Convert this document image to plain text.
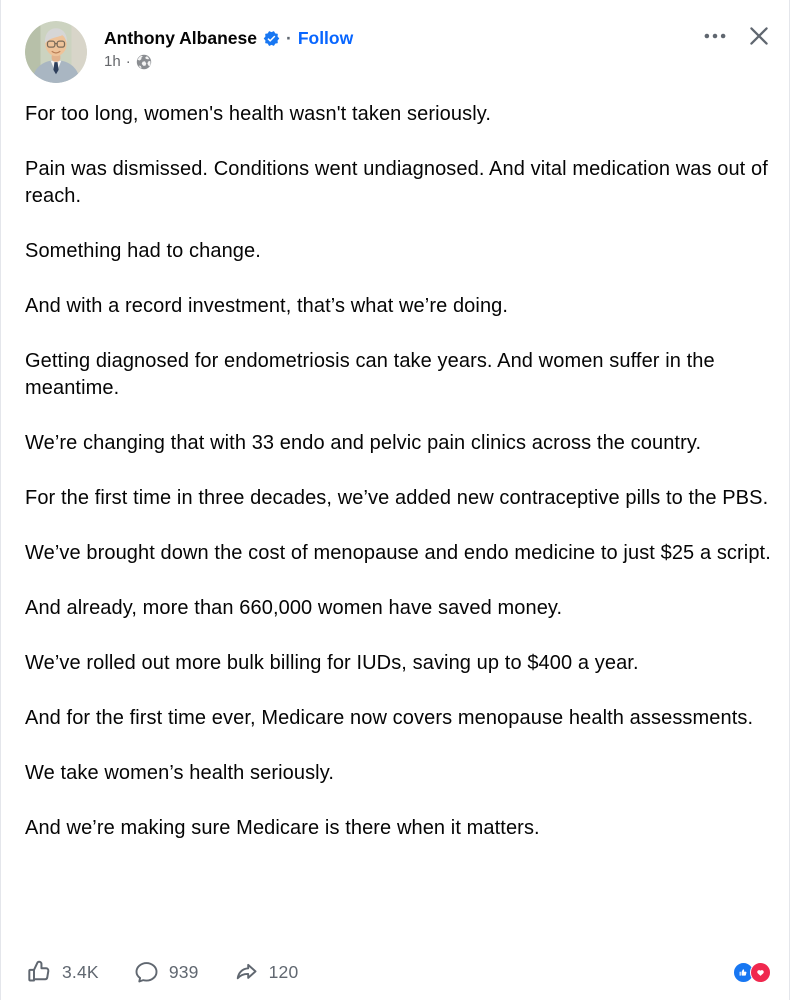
Anthony Albanese · Follow
1h ·

For too long, women's health wasn't taken seriously.

Pain was dismissed. Conditions went undiagnosed. And vital medication was out of reach.

Something had to change.

And with a record investment, that’s what we’re doing.

Getting diagnosed for endometriosis can take years. And women suffer in the meantime.

We’re changing that with 33 endo and pelvic pain clinics across the country.

For the first time in three decades, we’ve added new contraceptive pills to the PBS.

We’ve brought down the cost of menopause and endo medicine to just $25 a script.

And already, more than 660,000 women have saved money.

We’ve rolled out more bulk billing for IUDs, saving up to $400 a year.

And for the first time ever, Medicare now covers menopause health assessments.

We take women’s health seriously.

And we’re making sure Medicare is there when it matters.

3.4K	939	120
